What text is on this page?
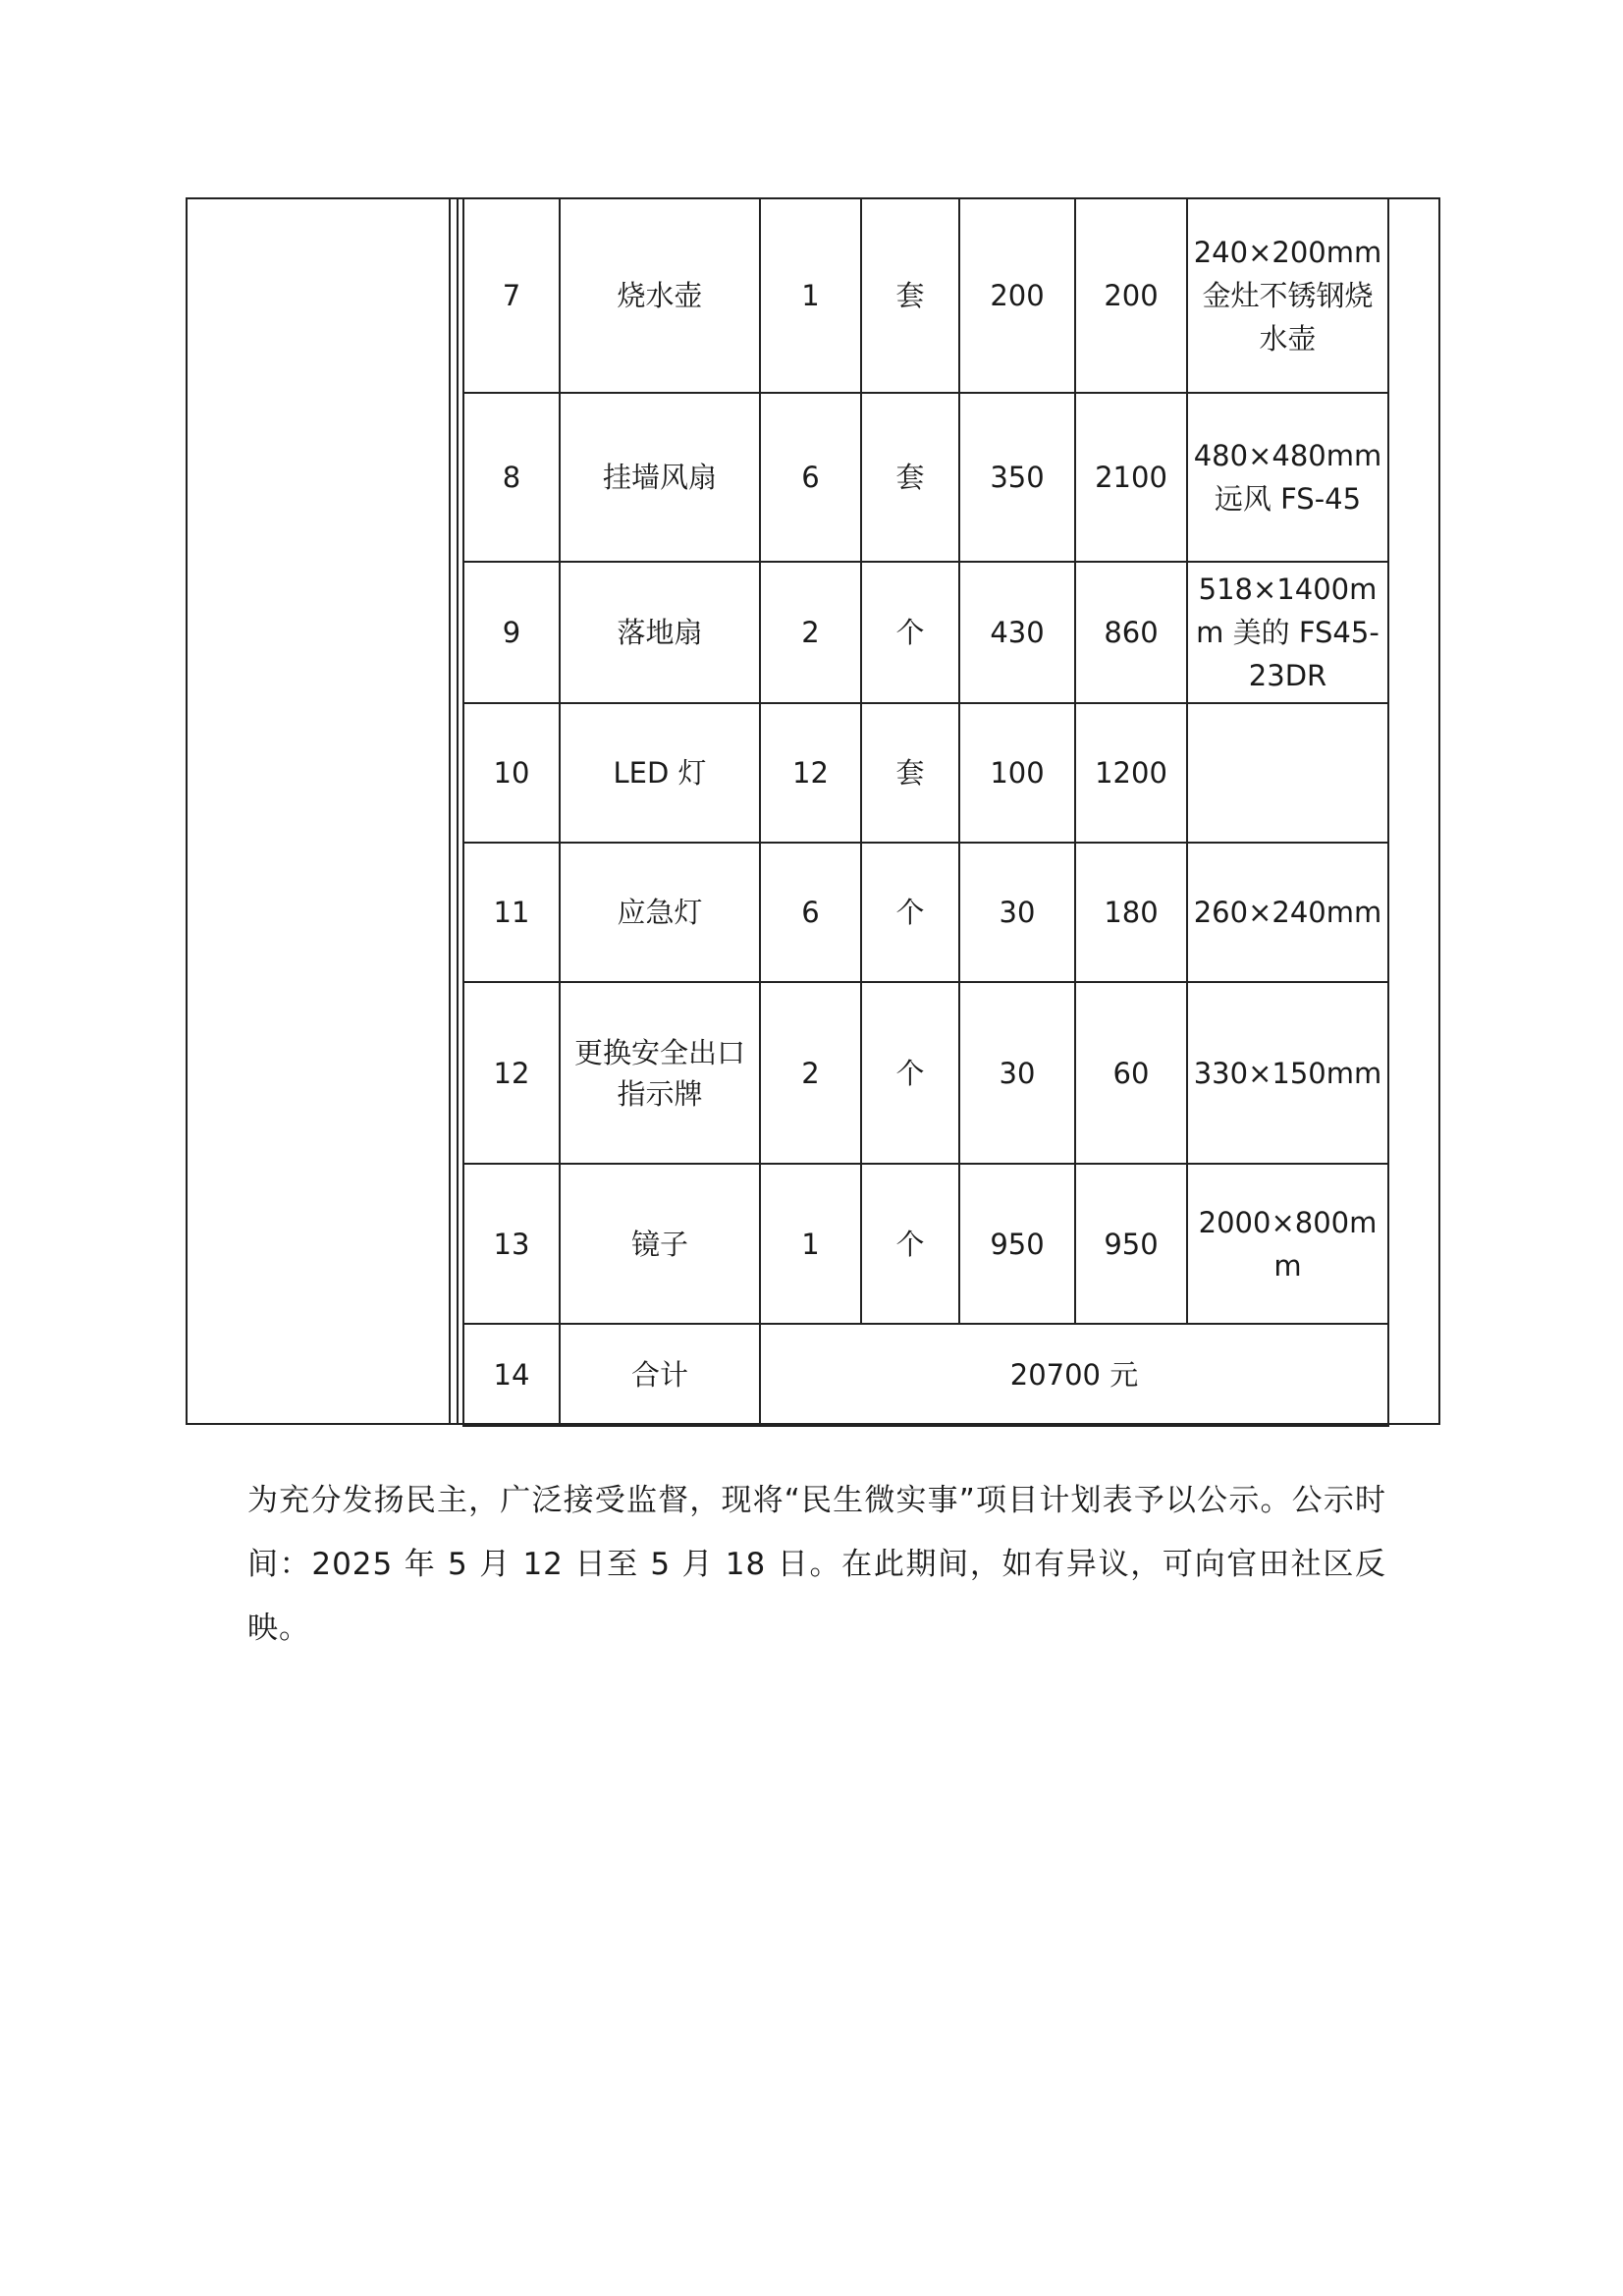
7	烧水壶	1	套	200	200	240×200mm 金灶不锈钢烧水壶
8	挂墙风扇	6	套	350	2100	480×480mm 远风 FS-45
9	落地扇	2	个	430	860	518×1400mm 美的 FS45-23DR
10	LED 灯	12	套	100	1200	
11	应急灯	6	个	30	180	260×240mm
12	更换安全出口指示牌	2	个	30	60	330×150mm
13	镜子	1	个	950	950	2000×800mm
14	合计	20700 元				

为充分发扬民主，广泛接受监督，现将“民生微实事”项目计划表予以公示。公示时间：2025 年 5 月 12 日至 5 月 18 日。在此期间，如有异议，可向官田社区反映。
